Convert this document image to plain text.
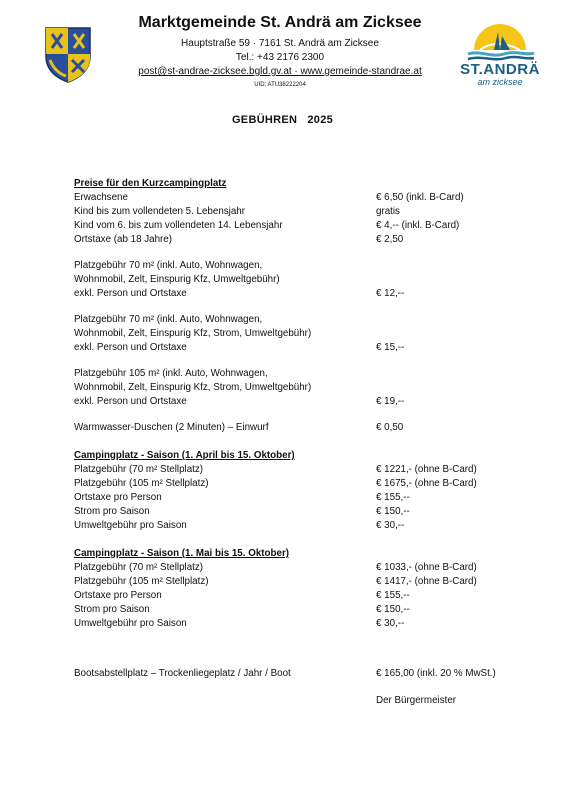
Marktgemeinde St. Andrä am Zicksee
Hauptstraße 59 · 7161 St. Andrä am Zicksee
Tel.: +43 2176 2300
post@st-andrae-zicksee.bgld.gv.at · www.gemeinde-standrae.at
UID: ATU38222204
ST.ANDRÄ
am zicksee
GEBÜHREN   2025
Preise für den Kurzcampingplatz
Erwachsene	€ 6,50 (inkl. B-Card)
Kind bis zum vollendeten 5. Lebensjahr	gratis
Kind vom 6. bis zum vollendeten 14. Lebensjahr	€ 4,-- (inkl. B-Card)
Ortstaxe (ab 18 Jahre)	€ 2,50
Platzgebühr 70 m² (inkl. Auto, Wohnwagen,
Wohnmobil, Zelt, Einspurig Kfz, Umweltgebühr)
exkl. Person und Ortstaxe	€ 12,--
Platzgebühr 70 m² (inkl. Auto, Wohnwagen,
Wohnmobil, Zelt, Einspurig Kfz, Strom, Umweltgebühr)
exkl. Person und Ortstaxe	€ 15,--
Platzgebühr 105 m² (inkl. Auto, Wohnwagen,
Wohnmobil, Zelt, Einspurig Kfz, Strom, Umweltgebühr)
exkl. Person und Ortstaxe	€ 19,--
Warmwasser-Duschen (2 Minuten) – Einwurf	€ 0,50
Campingplatz - Saison (1. April bis 15. Oktober)
Platzgebühr (70 m² Stellplatz)	€ 1221,- (ohne B-Card)
Platzgebühr (105 m² Stellplatz)	€ 1675,- (ohne B-Card)
Ortstaxe pro Person	€ 155,--
Strom pro Saison	€ 150,--
Umweltgebühr pro Saison	€ 30,--
Campingplatz - Saison (1. Mai bis 15. Oktober)
Platzgebühr (70 m² Stellplatz)	€ 1033,- (ohne B-Card)
Platzgebühr (105 m² Stellplatz)	€ 1417,- (ohne B-Card)
Ortstaxe pro Person	€ 155,--
Strom pro Saison	€ 150,--
Umweltgebühr pro Saison	€ 30,--
Bootsabstellplatz – Trockenliegeplatz / Jahr / Boot	€ 165,00 (inkl. 20 % MwSt.)
Der Bürgermeister
